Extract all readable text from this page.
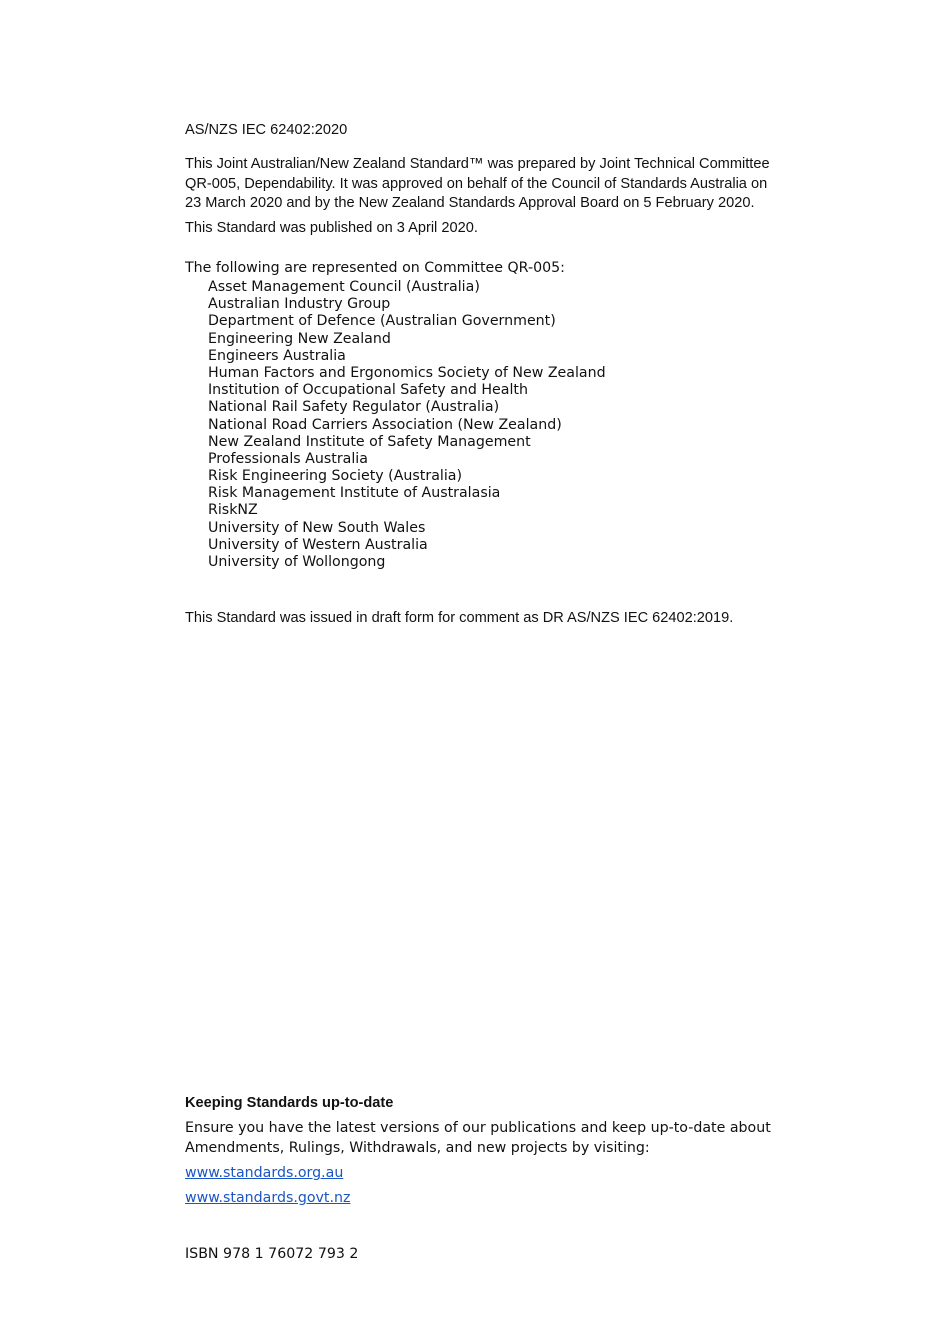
AS/NZS IEC 62402:2020
This Joint Australian/New Zealand Standard™ was prepared by Joint Technical Committee QR-005, Dependability. It was approved on behalf of the Council of Standards Australia on 23 March 2020 and by the New Zealand Standards Approval Board on 5 February 2020.
This Standard was published on 3 April 2020.
The following are represented on Committee QR-005:
Asset Management Council (Australia)
Australian Industry Group
Department of Defence (Australian Government)
Engineering New Zealand
Engineers Australia
Human Factors and Ergonomics Society of New Zealand
Institution of Occupational Safety and Health
National Rail Safety Regulator (Australia)
National Road Carriers Association (New Zealand)
New Zealand Institute of Safety Management
Professionals Australia
Risk Engineering Society (Australia)
Risk Management Institute of Australasia
RiskNZ
University of New South Wales
University of Western Australia
University of Wollongong
This Standard was issued in draft form for comment as DR AS/NZS IEC 62402:2019.
Keeping Standards up-to-date
Ensure you have the latest versions of our publications and keep up-to-date about Amendments, Rulings, Withdrawals, and new projects by visiting:
www.standards.org.au
www.standards.govt.nz
ISBN 978 1 76072 793 2
